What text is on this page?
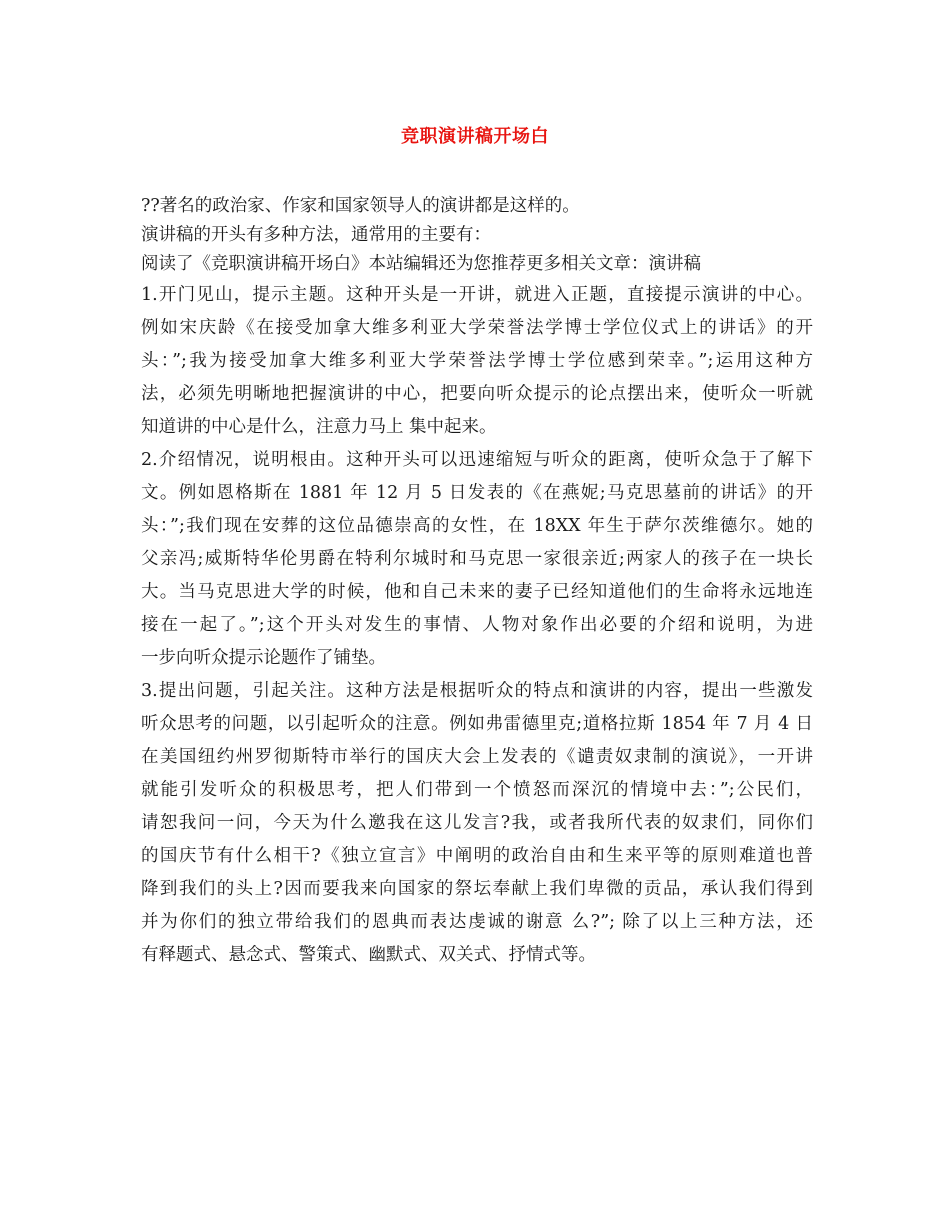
竞职演讲稿开场白
??著名的政治家、作家和国家领导人的演讲都是这样的。
演讲稿的开头有多种方法，通常用的主要有：
阅读了《竞职演讲稿开场白》本站编辑还为您推荐更多相关文章：演讲稿
1.开门见山，提示主题。这种开头是一开讲，就进入正题，直接提示演讲的中心。
例如宋庆龄《在接受加拿大维多利亚大学荣誉法学博士学位仪式上的讲话》的开
头：”;我为接受加拿大维多利亚大学荣誉法学博士学位感到荣幸。”;运用这种方
法，必须先明晰地把握演讲的中心，把要向听众提示的论点摆出来，使听众一听就
知道讲的中心是什么，注意力马上 集中起来。
2.介绍情况，说明根由。这种开头可以迅速缩短与听众的距离，使听众急于了解下
文。例如恩格斯在 1881 年 12 月 5 日发表的《在燕妮;马克思墓前的讲话》的开
头：”;我们现在安葬的这位品德崇高的女性，在 18XX 年生于萨尔茨维德尔。她的
父亲冯;威斯特华伦男爵在特利尔城时和马克思一家很亲近;两家人的孩子在一块长
大。当马克思进大学的时候，他和自己未来的妻子已经知道他们的生命将永远地连
接在一起了。”;这个开头对发生的事情、人物对象作出必要的介绍和说明，为进
一步向听众提示论题作了铺垫。
3.提出问题，引起关注。这种方法是根据听众的特点和演讲的内容，提出一些激发
听众思考的问题，以引起听众的注意。例如弗雷德里克;道格拉斯 1854 年 7 月 4 日
在美国纽约州罗彻斯特市举行的国庆大会上发表的《谴责奴隶制的演说》，一开讲
就能引发听众的积极思考，把人们带到一个愤怒而深沉的情境中去：”;公民们，
请恕我问一问，今天为什么邀我在这儿发言?我，或者我所代表的奴隶们，同你们
的国庆节有什么相干?《独立宣言》中阐明的政治自由和生来平等的原则难道也普
降到我们的头上?因而要我来向国家的祭坛奉献上我们卑微的贡品，承认我们得到
并为你们的独立带给我们的恩典而表达虔诚的谢意 么?”; 除了以上三种方法，还
有释题式、悬念式、警策式、幽默式、双关式、抒情式等。
